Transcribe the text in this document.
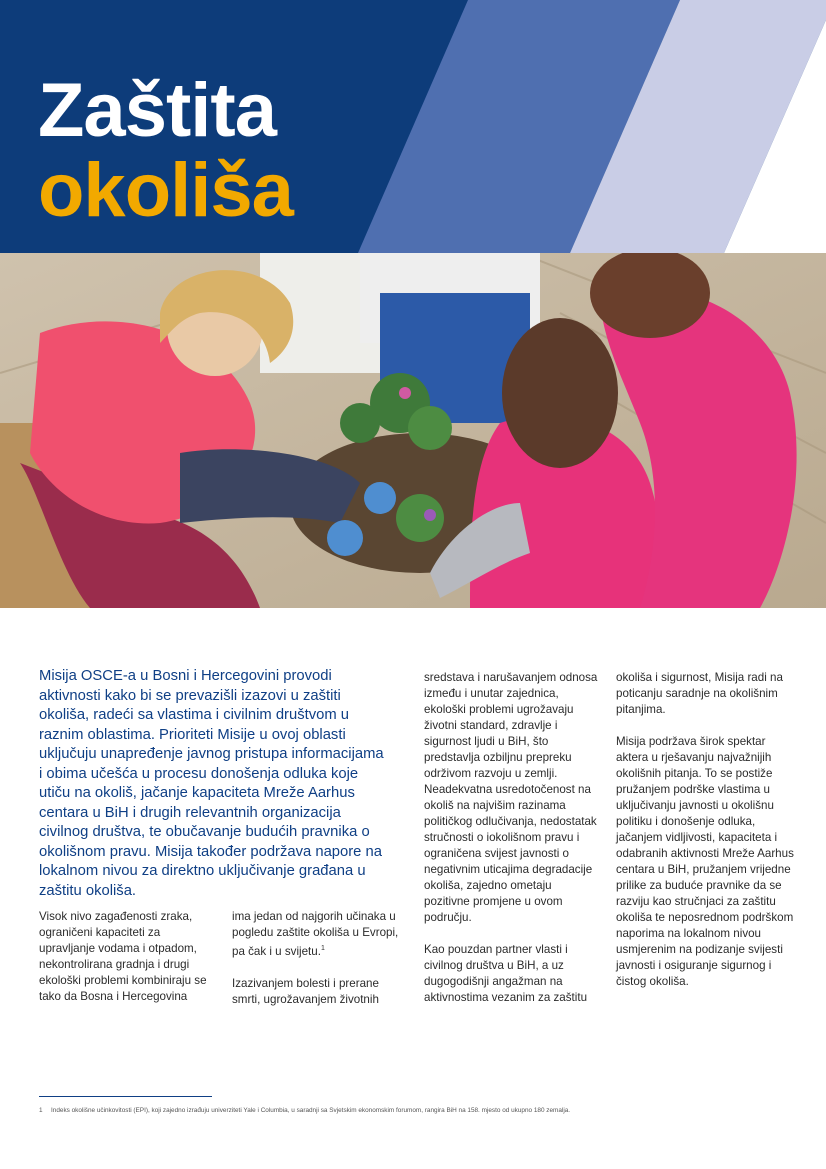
Zaštita
okoliša

Misija OSCE-a u Bosni i Hercegovini provodi aktivnosti kako bi se prevazišli izazovi u zaštiti okoliša, radeći sa vlastima i civilnim društvom u raznim oblastima. Prioriteti Misije u ovoj oblasti uključuju unapređenje javnog pristupa informacijama i obima učešća u procesu donošenja odluka koje utiču na okoliš, jačanje kapaciteta Mreže Aarhus centara u BiH i drugih relevantnih organizacija civilnog društva, te obučavanje budućih pravnika o okolišnom pravu. Misija također podržava napore na lokalnom nivou za direktno uključivanje građana u zaštitu okoliša.

Visok nivo zagađenosti zraka, ograničeni kapaciteti za upravljanje vodama i otpadom, nekontrolirana gradnja i drugi ekološki problemi kombiniraju se tako da Bosna i Hercegovina

ima jedan od najgorih učinaka u pogledu zaštite okoliša u Evropi, pa čak i u svijetu.$^1$

Izazivanjem bolesti i prerane smrti, ugrožavanjem životnih

sredstava i narušavanjem odnosa između i unutar zajednica, ekološki problemi ugrožavaju životni standard, zdravlje i sigurnost ljudi u BiH, što predstavlja ozbiljnu prepreku održivom razvoju u zemlji. Neadekvatna usredotočenost na okoliš na najvišim razinama političkog odlučivanja, nedostatak stručnosti o iokolišnom pravu i ograničena svijest javnosti o negativnim uticajima degradacije okoliša, zajedno ometaju pozitivne promjene u ovom području.

Kao pouzdan partner vlasti i civilnog društva u BiH, a uz dugogodišnji angažman na aktivnostima vezanim za zaštitu

okoliša i sigurnost, Misija radi na poticanju saradnje na okolišnim pitanjima.

Misija podržava širok spektar aktera u rješavanju najvažnijih okolišnih pitanja. To se postiže pružanjem podrške vlastima u uključivanju javnosti u okolišnu politiku i donošenje odluka, jačanjem vidljivosti, kapaciteta i odabranih aktivnosti Mreže Aarhus centara u BiH, pružanjem vrijedne prilike za buduće pravnike da se razviju kao stručnjaci za zaštitu okoliša te neposrednom podrškom naporima na lokalnom nivou usmjerenim na podizanje svijesti javnosti i osiguranje sigurnog i čistog okoliša.

1 Indeks okolišne učinkovitosti (EPI), koji zajedno izrađuju univerziteti Yale i Columbia, u saradnji sa Svjetskim ekonomskim forumom, rangira BiH na 158. mjesto od ukupno 180 zemalja.
